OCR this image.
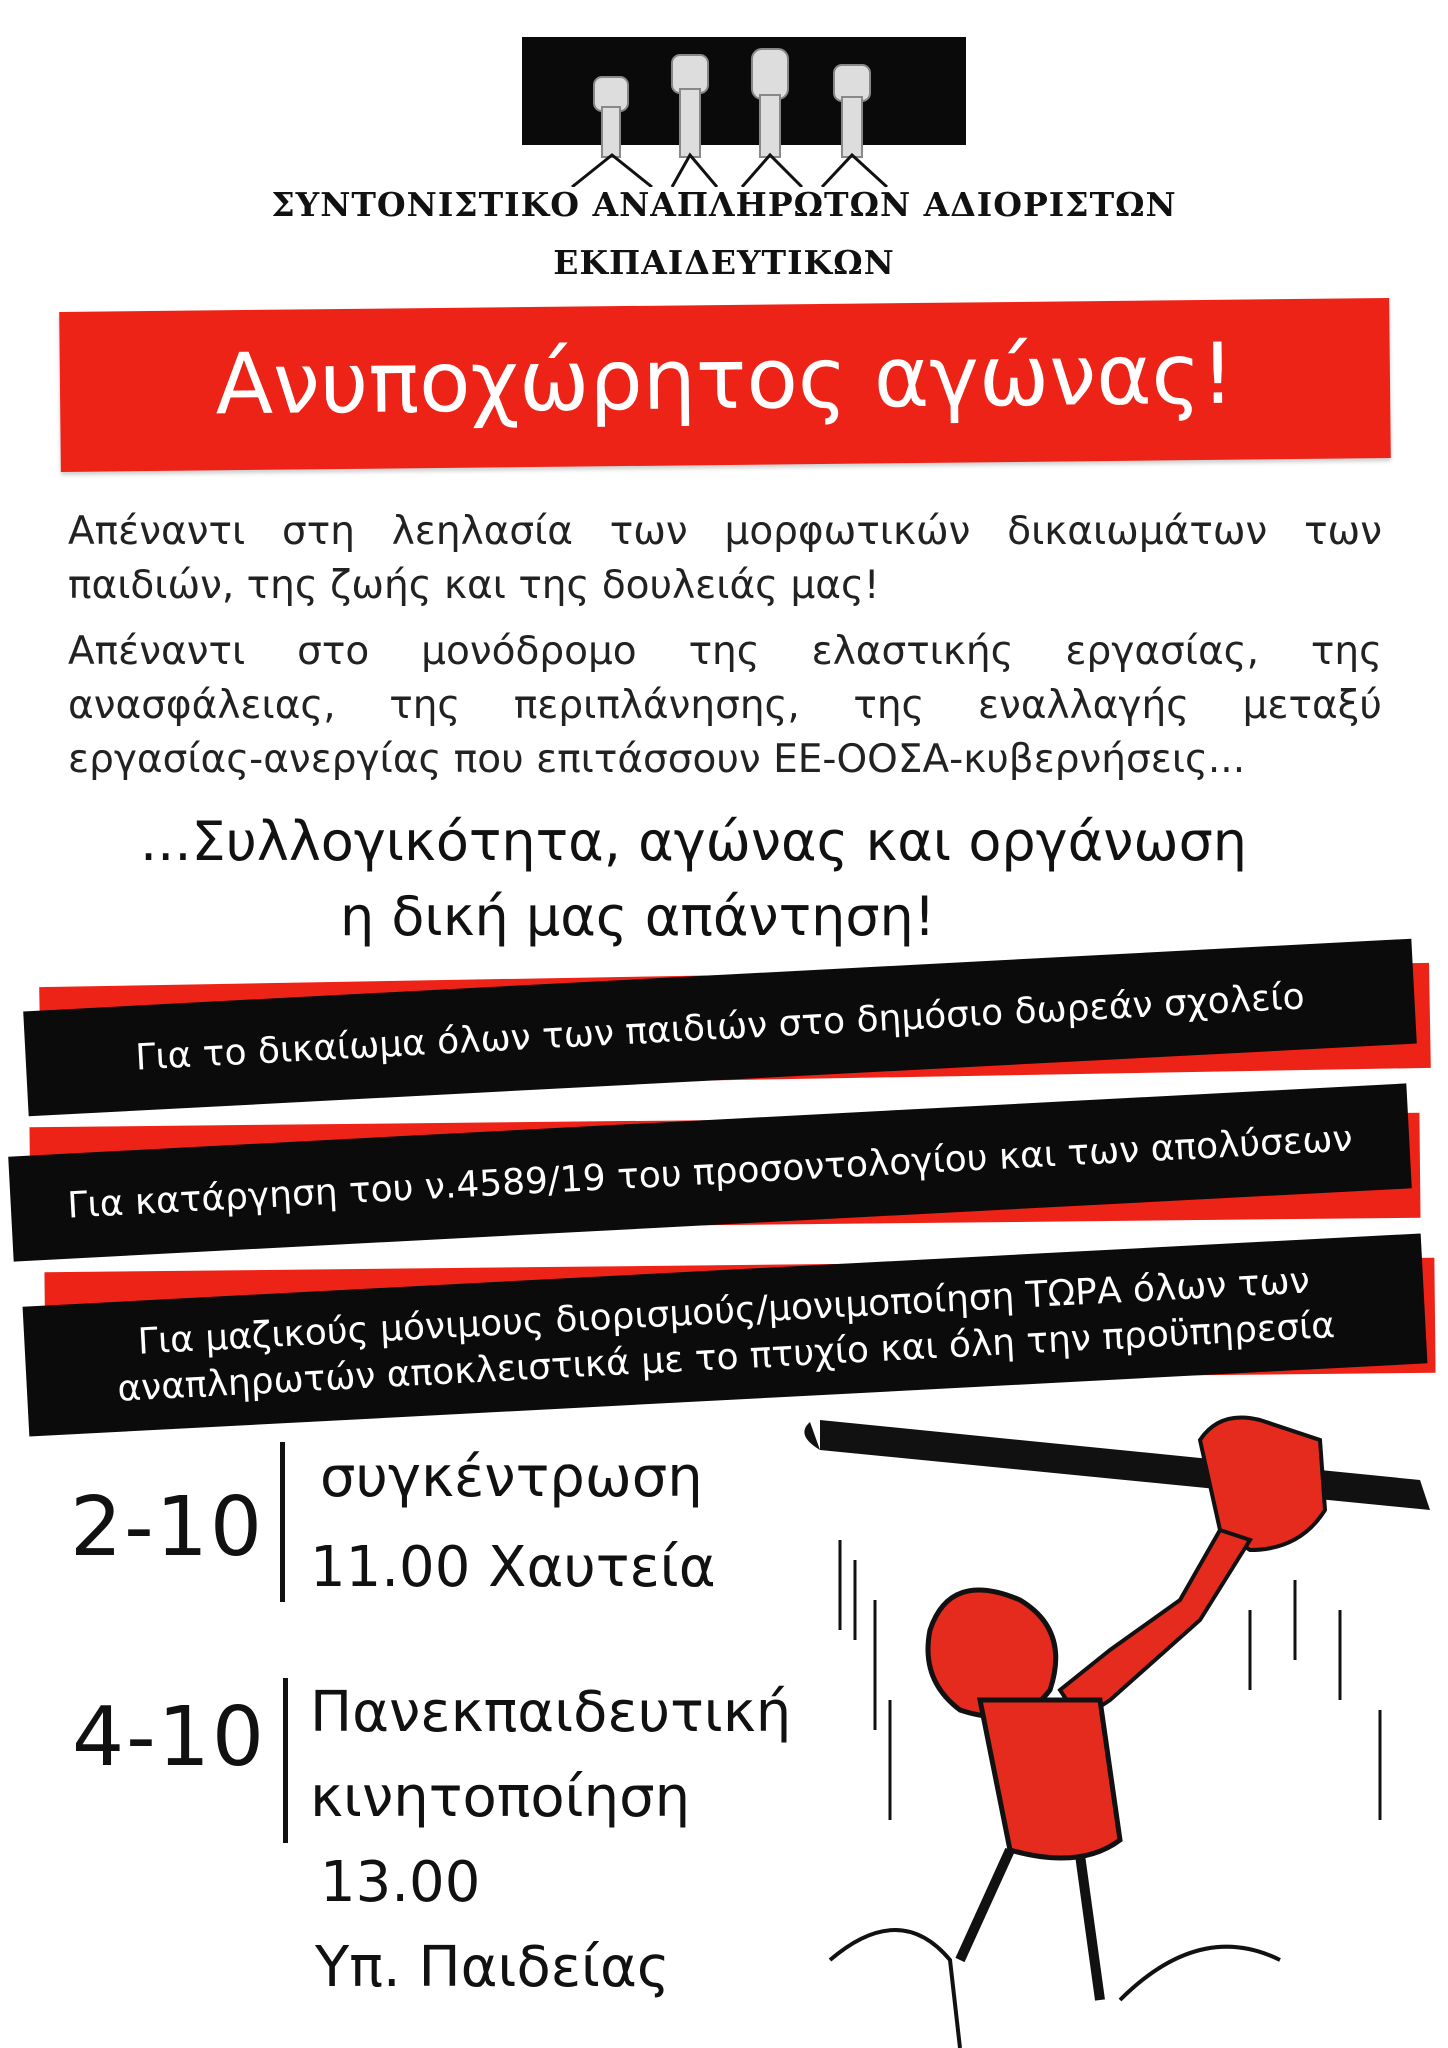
ΣΥΝΤΟΝΙΣΤΙΚΟ ΑΝΑΠΛΗΡΩΤΩΝ ΑΔΙΟΡΙΣΤΩΝ
ΕΚΠΑΙΔΕΥΤΙΚΩΝ
Ανυποχώρητος αγώνας!
Απέναντι στη λεηλασία των μορφωτικών δικαιωμάτων των παιδιών, της ζωής και της δουλειάς μας!
Απέναντι στο μονόδρομο της ελαστικής εργασίας, της ανασφάλειας, της περιπλάνησης, της εναλλαγής μεταξύ εργασίας-ανεργίας που επιτάσσουν ΕΕ-ΟΟΣΑ-κυβερνήσεις...
...Συλλογικότητα, αγώνας και οργάνωση
η δική μας απάντηση!
Για το δικαίωμα όλων των παιδιών στο δημόσιο δωρεάν σχολείο
Για κατάργηση του ν.4589/19 του προσοντολογίου και των απολύσεων
Για μαζικούς μόνιμους διορισμούς/μονιμοποίηση ΤΩΡΑ όλων των αναπληρωτών αποκλειστικά με το πτυχίο και όλη την προϋπηρεσία
2-10
συγκέντρωση
11.00 Χαυτεία
4-10 Πανεκπαιδευτική
κινητοποίηση
13.00
Υπ. Παιδείας
